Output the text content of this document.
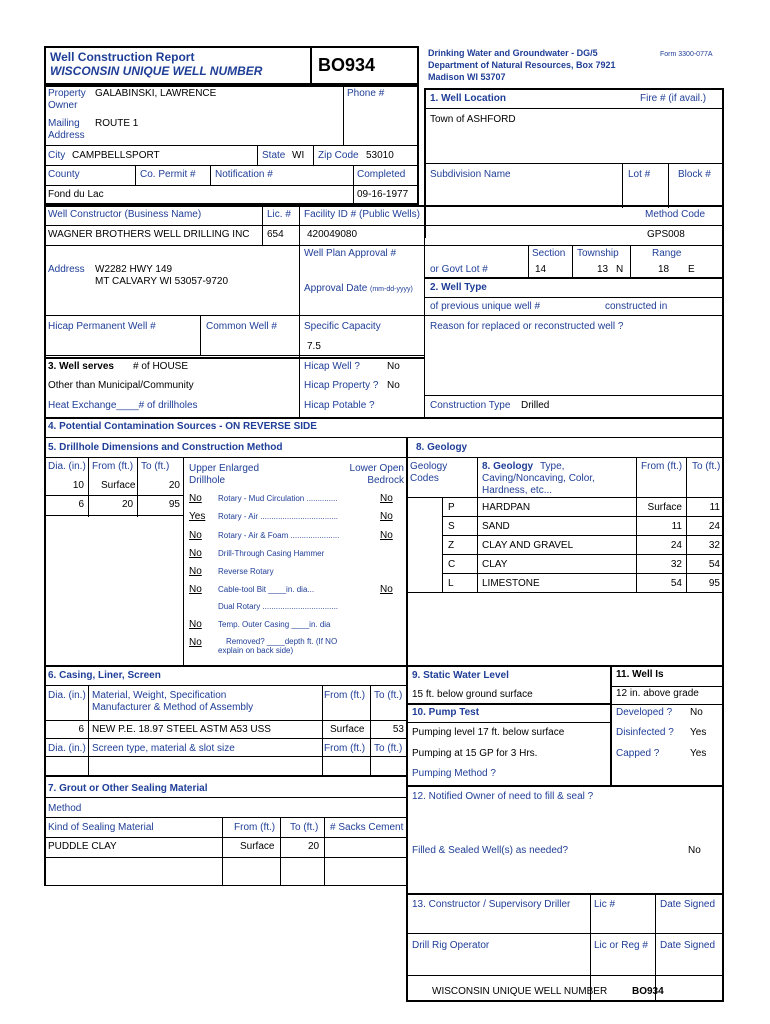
Well Construction Report
WISCONSIN UNIQUE WELL NUMBER	BO934
Drinking Water and Groundwater - DG/5
Department of Natural Resources, Box 7921
Madison WI 53707
Form 3300-077A
Property Owner
GALABINSKI, LAWRENCE	Phone #
Mailing Address
ROUTE 1
City CAMPBELLSPORT	State WI Zip Code 53010
County	Co. Permit # Notification #	Completed
Fond du Lac	09-16-1977
1. Well Location	Fire # (if avail.)
Town of ASHFORD
Subdivision Name	Lot #	Block #
Method Code
GPS008
Section Township	Range
or Govt Lot #	14	13 N	18 E
Well Constructor (Business Name)	Lic. # Facility ID # (Public Wells)
WAGNER BROTHERS WELL DRILLING INC 654 420049080
Well Plan Approval #
Address W2282 HWY 149
MT CALVARY WI 53057-9720
Approval Date (mm-dd-yyyy) 2. Well Type
of previous unique well #	constructed in
Reason for replaced or reconstructed well ?
Construction Type Drilled
Hicap Permanent Well #	Common Well #	Specific Capacity
7.5
3. Well serves # of HOUSE
Other than Municipal/Community
Heat Exchange____# of drillholes
Hicap Well ?	No
Hicap Property ? No
Hicap Potable ?
4. Potential Contamination Sources - ON REVERSE SIDE
5. Drillhole Dimensions and Construction Method
Dia. (in.) From (ft.) To (ft.) Upper Enlarged Drillhole
Lower Open Bedrock
10 Surface	20
6	20	95
No Rotary - Mud Circulation ..............	No
Yes Rotary - Air ...................................	No
No Rotary - Air & Foam ......................	No
No Drill-Through Casing Hammer
No Reverse Rotary
No Cable-tool Bit ____in. dia...	No
Dual Rotary ..................................
No Temp. Outer Casing ____in. dia
No	Removed? ____depth ft. (If NO
explain on back side)
8. Geology
Geology Codes
8. Geology Type,
Caving/Noncaving, Color,
Hardness, etc...
From (ft.) To (ft.)
P	HARDPAN	Surface	11
S	SAND	11	24
Z	CLAY AND GRAVEL	24	32
C	CLAY	32	54
L	LIMESTONE	54	95
6. Casing, Liner, Screen
Dia. (in.) Material, Weight, Specification
Manufacturer & Method of Assembly
From (ft.) To (ft.)
6 NEW P.E. 18.97 STEEL ASTM A53 USS	Surface	53
Dia. (in.) Screen type, material & slot size	From (ft.) To (ft.)
9. Static Water Level
15 ft. below ground surface
10. Pump Test
Pumping level 17 ft. below surface
Pumping at 15 GP for 3 Hrs.
Pumping Method ?
11. Well Is
12 in. above grade
Developed ? No
Disinfected ? Yes
Capped ?	Yes
7. Grout or Other Sealing Material
Method
Kind of Sealing Material	From (ft.) To (ft.) # Sacks Cement
PUDDLE CLAY	Surface	20
12. Notified Owner of need to fill & seal ?
Filled & Sealed Well(s) as needed?	No
13. Constructor / Supervisory Driller Lic #	Date Signed
Drill Rig Operator	Lic or Reg # Date Signed
WISCONSIN UNIQUE WELL NUMBER BO934
